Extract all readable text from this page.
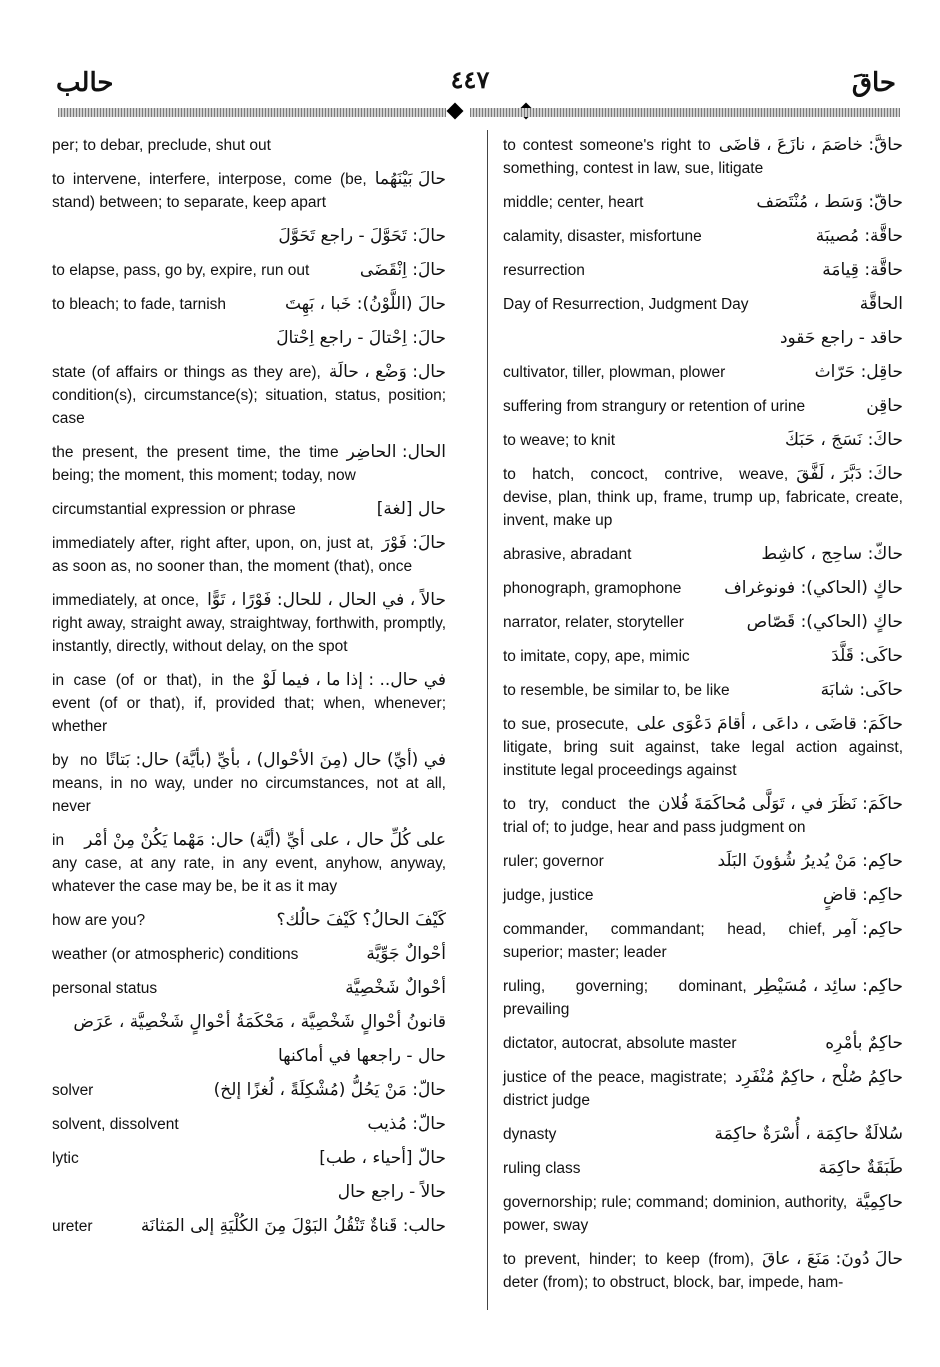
حالب	٤٤٧	حاقَ
per; to debar, preclude, shut out
حالَ بَيْنَهُما
to intervene, interfere, interpose, come (be, stand) between; to separate, keep apart
حالَ: تَحَوَّلَ - راجع تَحَوَّلَ
حالَ: اِنْقَضَى
to elapse, pass, go by, expire, run out
حالَ (اللَّوْنُ): خَبا ، بَهِتَ
to bleach; to fade, tarnish
حالَ: اِحْتالَ - راجع اِحْتالَ
حال: وَضْع ، حالَة
state (of affairs or things as they are), condition(s), circumstance(s); situation, status, position; case
الحال: الحاضِر
the present, the present time, the time being; the moment, this moment; today, now
حال [لغة]
circumstantial expression or phrase
حالَ: فَوْرَ
immediately after, right after, upon, on, just at, as soon as, no sooner than, the moment (that), once
حالاً ، في الحال ، للحال: فَوْرًا ، تَوًّا
immediately, at once, right away, straight away, straightway, forthwith, promptly, instantly, directly, without delay, on the spot
في حال.. : إذا ما ، فيما لَوْ
in case (of or that), in the event (of or that), if, provided that; when, whenever; whether
في (أيِّ) حال (مِنَ الأحْوال) ، بأيِّ (بأيَّة) حال: بَتاتًا
by no means, in no way, under no circumstances, not at all, never
على كُلِّ حال ، على أيِّ (أيَّة) حال: مَهْما يَكُنْ مِنْ أمْر
in any case, at any rate, in any event, anyhow, anyway, whatever the case may be, be it as it may
كَيْفَ الحالُ؟ كَيْفَ حالُك؟
how are you?
أحْوالٌ جَوِّيَّة
weather (or atmospheric) conditions
أحْوالٌ شَخْصِيَّة
personal status
قانونُ أحْوالٍ شَخْصِيَّة ، مَحْكَمَةُ أحْوالٍ شَخْصِيَّة ، عَرَض
حال - راجعها في أماكنها
حالّ: مَنْ يَحُلُّ (مُشْكِلَةً ، لُغزًا إلخ)
solver
حالّ: مُذيب
solvent, dissolvent
حالّ [أحياء ، طب]
lytic
حالاً - راجع حال
حالب: قَناةٌ تَنْقُلُ البَوْلَ مِنَ الكُلْيَةِ إلى المَثانَة
ureter
حاقَّ: خاصَمَ ، نازَعَ ، قاضَى
to contest someone's right to something, contest in law, sue, litigate
حاقّ: وَسَط ، مُنْتَصَف
middle; center, heart
حاقَّة: مُصيبَة
calamity, disaster, misfortune
حاقَّة: قِيامَة
resurrection
الحاقَّة
Day of Resurrection, Judgment Day
حاقد - راجع حَقود
حاقِل: حَرّاث
cultivator, tiller, plowman, plower
حاقِن
suffering from strangury or retention of urine
حاكَ: نَسَجَ ، حَبَكَ
to weave; to knit
حاكَ: دَبَّرَ ، لَفَّقَ
to hatch, concoct, contrive, weave, devise, plan, think up, frame, trump up, fabricate, create, invent, make up
حاكّ: ساحِج ، كاشِط
abrasive, abradant
حاكٍ (الحاكي): فونوغراف
phonograph, gramophone
حاكٍ (الحاكي): قَصّاص
narrator, relater, storyteller
حاكَى: قَلَّدَ
to imitate, copy, ape, mimic
حاكَى: شابَهَ
to resemble, be similar to, be like
حاكَمَ: قاضَى ، داعَى ، أقامَ دَعْوَى على
to sue, prosecute, litigate, bring suit against, take legal action against, institute legal proceedings against
حاكَمَ: نَظَرَ في ، تَوَلَّى مُحاكَمَةَ فُلان
to try, conduct the trial of; to judge, hear and pass judgment on
حاكِم: مَنْ يُديرُ شُؤونَ البَلَد
ruler; governor
حاكِم: قاضٍ
judge, justice
حاكِم: آمِر
commander, commandant; head, chief, superior; master; leader
حاكِم: سائِد ، مُسَيْطِر
ruling, governing; dominant, prevailing
حاكِمٌ بأمْرِه
dictator, autocrat, absolute master
حاكِمُ صُلْح ، حاكِمٌ مُنْفَرِد
justice of the peace, magistrate; district judge
سُلالَةٌ حاكِمَة ، أُسْرَةٌ حاكِمَة
dynasty
طَبَقَةٌ حاكِمَة
ruling class
حاكِمِيَّة
governorship; rule; command; dominion, authority, power, sway
حالَ دُونَ: مَنَعَ ، عاقَ
to prevent, hinder; to keep (from), deter (from); to obstruct, block, bar, impede, ham-
